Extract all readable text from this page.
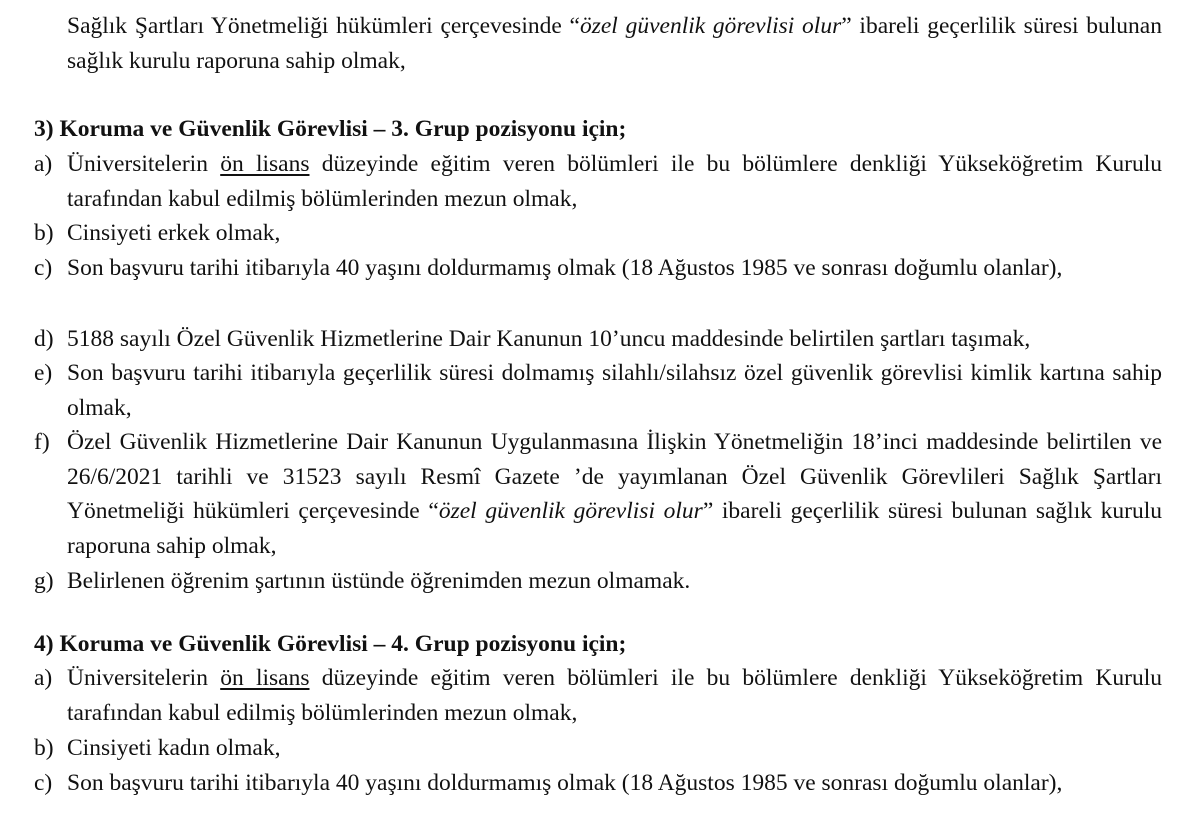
Sağlık Şartları Yönetmeliği hükümleri çerçevesinde “özel güvenlik görevlisi olur” ibareli geçerlilik süresi bulunan sağlık kurulu raporuna sahip olmak,
3) Koruma ve Güvenlik Görevlisi – 3. Grup pozisyonu için;
a) Üniversitelerin ön lisans düzeyinde eğitim veren bölümleri ile bu bölümlere denkliği Yükseköğretim Kurulu tarafından kabul edilmiş bölümlerinden mezun olmak,
b) Cinsiyeti erkek olmak,
c) Son başvuru tarihi itibarıyla 40 yaşını doldurmamış olmak (18 Ağustos 1985 ve sonrası doğumlu olanlar),
d) 5188 sayılı Özel Güvenlik Hizmetlerine Dair Kanunun 10’uncu maddesinde belirtilen şartları taşımak,
e) Son başvuru tarihi itibarıyla geçerlilik süresi dolmamış silahlı/silahsız özel güvenlik görevlisi kimlik kartına sahip olmak,
f) Özel Güvenlik Hizmetlerine Dair Kanunun Uygulanmasına İlişkin Yönetmeliğin 18’inci maddesinde belirtilen ve 26/6/2021 tarihli ve 31523 sayılı Resmî Gazete ’de yayımlanan Özel Güvenlik Görevlileri Sağlık Şartları Yönetmeliği hükümleri çerçevesinde “özel güvenlik görevlisi olur” ibareli geçerlilik süresi bulunan sağlık kurulu raporuna sahip olmak,
g) Belirlenen öğrenim şartının üstünde öğrenimden mezun olmamak.
4) Koruma ve Güvenlik Görevlisi – 4. Grup pozisyonu için;
a) Üniversitelerin ön lisans düzeyinde eğitim veren bölümleri ile bu bölümlere denkliği Yükseköğretim Kurulu tarafından kabul edilmiş bölümlerinden mezun olmak,
b) Cinsiyeti kadın olmak,
c) Son başvuru tarihi itibarıyla 40 yaşını doldurmamış olmak (18 Ağustos 1985 ve sonrası doğumlu olanlar),
